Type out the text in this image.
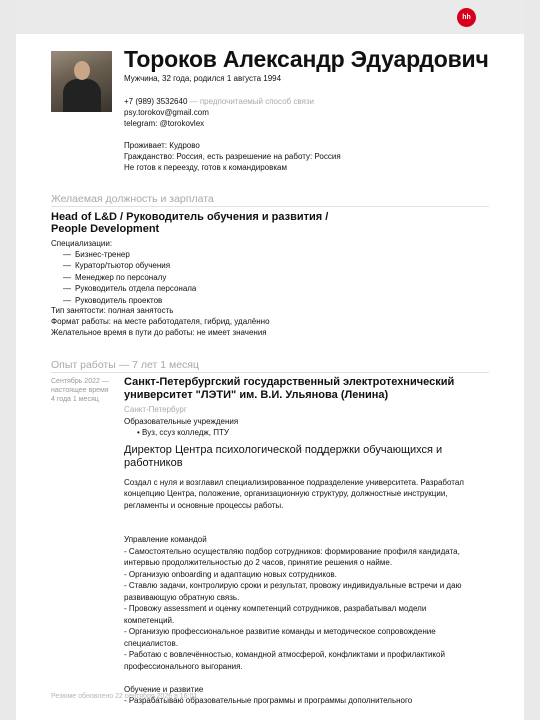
hh
Тороков Александр Эдуардович
Мужчина, 32 года, родился 1 августа 1994
+7 (989) 3532640 — предпочитаемый способ связи
psy.torokov@gmail.com
telegram: @torokovlex
Проживает: Кудрово
Гражданство: Россия, есть разрешение на работу: Россия
Не готов к переезду, готов к командировкам
Желаемая должность и зарплата
Head of L&D / Руководитель обучения и развития /
People Development
Специализации:
— Бизнес-тренер
— Куратор/тьютор обучения
— Менеджер по персоналу
— Руководитель отдела персонала
— Руководитель проектов
Тип занятости: полная занятость
Формат работы: на месте работодателя, гибрид, удалённо
Желательное время в пути до работы: не имеет значения
Опыт работы — 7 лет 1 месяц
Сентябрь 2022 —
настоящее время
4 года 1 месяц
Санкт-Петербургский государственный электротехнический
университет "ЛЭТИ" им. В.И. Ульянова (Ленина)
Санкт-Петербург
Образовательные учреждения
• Вуз, ссуз колледж, ПТУ
Директор Центра психологической поддержки обучающихся и
работников
Создал с нуля и возглавил специализированное подразделение университета. Разработал
концепцию Центра, положение, организационную структуру, должностные инструкции,
регламенты и основные процессы работы.

Управление командой
- Самостоятельно осуществляю подбор сотрудников: формирование профиля кандидата,
интервью продолжительностью до 2 часов, принятие решения о найме.
- Организую onboarding и адаптацию новых сотрудников.
- Ставлю задачи, контролирую сроки и результат, провожу индивидуальные встречи и даю
развивающую обратную связь.
- Провожу assessment и оценку компетенций сотрудников, разрабатывал модели
компетенций.
- Организую профессиональное развитие команды и методическое сопровождение
специалистов.
- Работаю с вовлечённостью, командной атмосферой, конфликтами и профилактикой
профессионального выгорания.

Обучение и развитие
- Разрабатываю образовательные программы и программы дополнительного
Резюме обновлено 22 сентября 2026 в 16:01
